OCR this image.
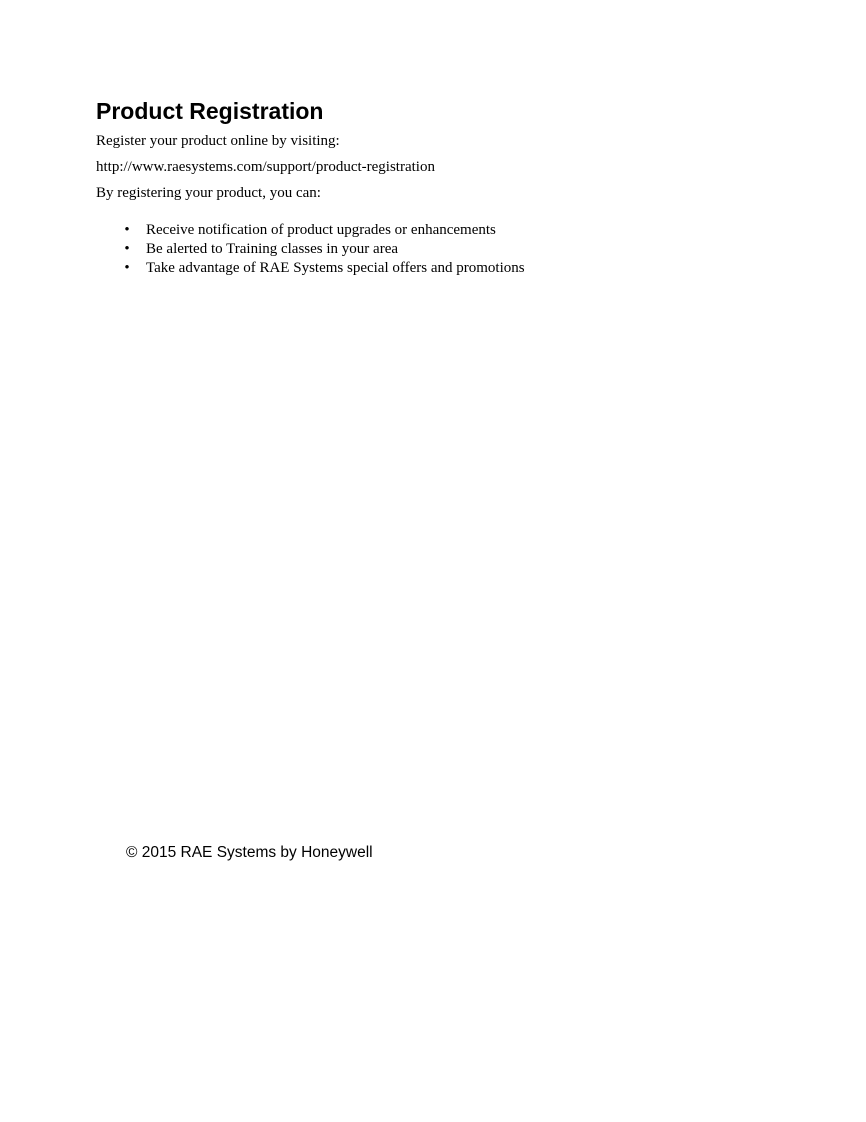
Product Registration

Register your product online by visiting:

http://www.raesystems.com/support/product-registration

By registering your product, you can:

• Receive notification of product upgrades or enhancements
• Be alerted to Training classes in your area
• Take advantage of RAE Systems special offers and promotions

© 2015 RAE Systems by Honeywell
